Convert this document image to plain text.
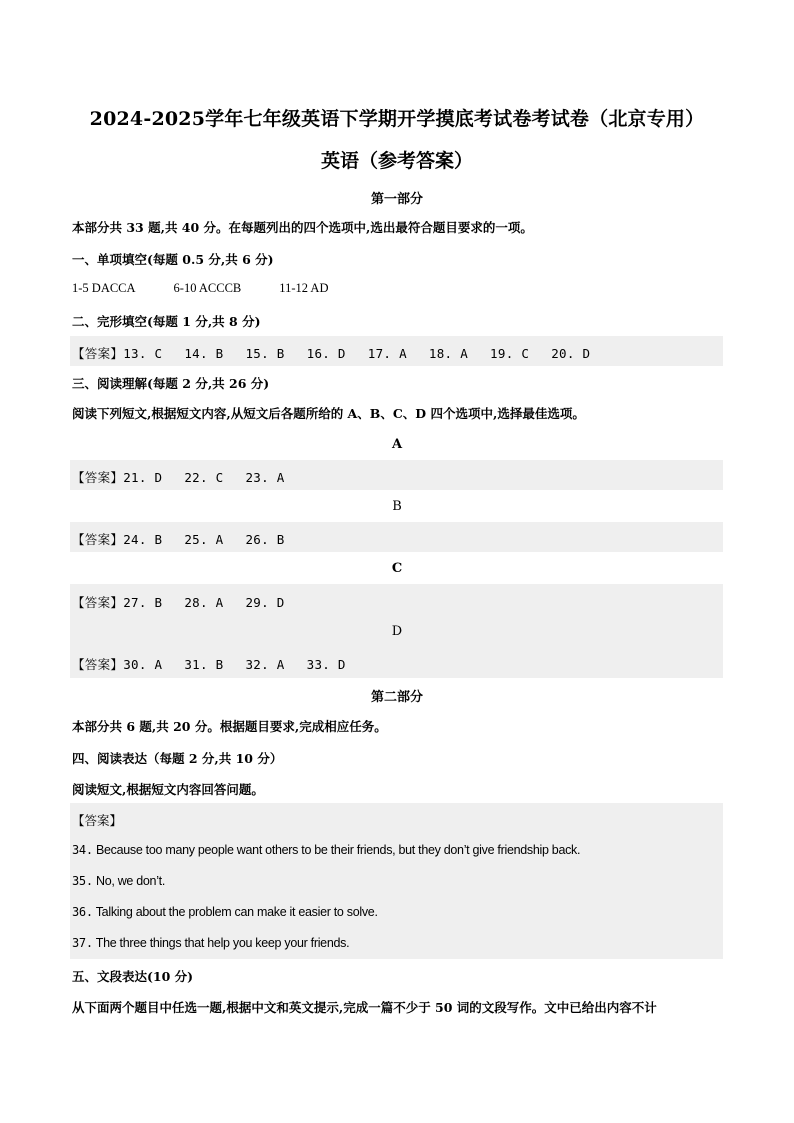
2024-2025学年七年级英语下学期开学摸底考试卷考试卷（北京专用）
英语（参考答案）
第一部分
本部分共 33 题,共 40 分。在每题列出的四个选项中,选出最符合题目要求的一项。
一、单项填空(每题 0.5 分,共 6 分)
1-5 DACCA	6-10 ACCCB	11-12 AD
二、完形填空(每题 1 分,共 8 分)
【答案】13. C 14. B 15. B 16. D 17. A 18. A 19. C 20. D
三、阅读理解(每题 2 分,共 26 分)
阅读下列短文,根据短文内容,从短文后各题所给的 A、B、C、D 四个选项中,选择最佳选项。
A
【答案】21. D 22. C 23. A
B
【答案】24. B 25. A 26. B
C
【答案】27. B 28. A 29. D
D
【答案】30. A 31. B 32. A 33. D
第二部分
本部分共 6 题,共 20 分。根据题目要求,完成相应任务。
四、阅读表达（每题 2 分,共 10 分）
阅读短文,根据短文内容回答问题。
【答案】
34. Because too many people want others to be their friends, but they don’t give friendship back.
35. No, we don’t.
36. Talking about the problem can make it easier to solve.
37. The three things that help you keep your friends.
五、文段表达(10 分)
从下面两个题目中任选一题,根据中文和英文提示,完成一篇不少于 50 词的文段写作。文中已给出内容不计
